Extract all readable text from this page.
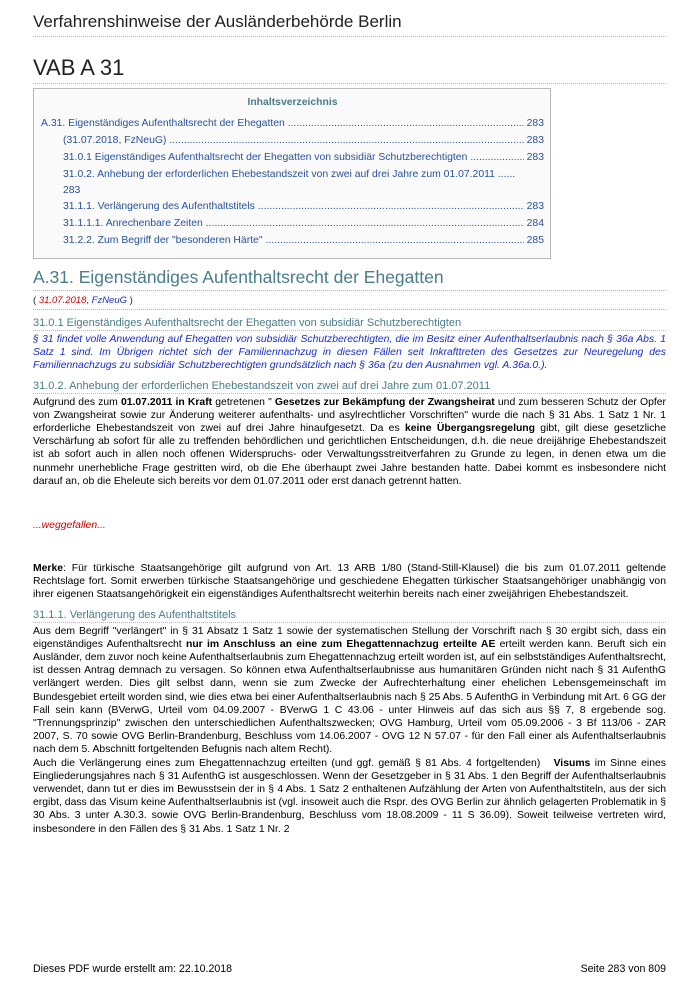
Verfahrenshinweise der Ausländerbehörde Berlin
VAB A 31
Inhaltsverzeichnis
A.31. Eigenständiges Aufenthaltsrecht der Ehegatten .....	283
(31.07.2018, FzNeuG) .....	283
31.0.1 Eigenständiges Aufenthaltsrecht der Ehegatten von subsidiär Schutzberechtigten .....	283
31.0.2. Anhebung der erforderlichen Ehebestandszeit von zwei auf drei Jahre zum 01.07.2011 ......
283
31.1.1. Verlängerung des Aufenthaltstitels .....	283
31.1.1.1. Anrechenbare Zeiten .....	284
31.2.2. Zum Begriff der "besonderen Härte" .....	285
A.31. Eigenständiges Aufenthaltsrecht der Ehegatten
( 31.07.2018, FzNeuG )
31.0.1 Eigenständiges Aufenthaltsrecht der Ehegatten von subsidiär Schutzberechtigten

§ 31 findet volle Anwendung auf Ehegatten von subsidiär Schutzberechtigten, die im Besitz einer Aufenthaltserlaubnis nach § 36a Abs. 1 Satz 1 sind. Im Übrigen richtet sich der Familiennachzug in diesen Fällen seit Inkrafttreten des Gesetzes zur Neuregelung des Familiennachzugs zu subsidiär Schutzberechtigten grundsätzlich nach § 36a (zu den Ausnahmen vgl. A.36a.0.).

31.0.2. Anhebung der erforderlichen Ehebestandszeit von zwei auf drei Jahre zum 01.07.2011

Aufgrund des zum 01.07.2011 in Kraft getretenen " Gesetzes zur Bekämpfung der Zwangsheirat und zum besseren Schutz der Opfer von Zwangsheirat sowie zur Änderung weiterer aufenthalts- und asylrechtlicher Vorschriften" wurde die nach § 31 Abs. 1 Satz 1 Nr. 1 erforderliche Ehebestandszeit von zwei auf drei Jahre hinaufgesetzt. Da es keine Übergangsregelung gibt, gilt diese gesetzliche Verschärfung ab sofort für alle zu treffenden behördlichen und gerichtlichen Entscheidungen, d.h. die neue dreijährige Ehebestandszeit ist ab sofort auch in allen noch offenen Widerspruchs- oder Verwaltungsstreitverfahren zu Grunde zu legen, in denen etwa um die nunmehr unerhebliche Frage gestritten wird, ob die Ehe überhaupt zwei Jahre bestanden hatte. Dabei kommt es insbesondere nicht darauf an, ob die Eheleute sich bereits vor dem 01.07.2011 oder erst danach getrennt hatten.

...weggefallen...

Merke: Für türkische Staatsangehörige gilt aufgrund von Art. 13 ARB 1/80 (Stand-Still-Klausel) die bis zum 01.07.2011 geltende Rechtslage fort. Somit erwerben türkische Staatsangehörige und geschiedene Ehegatten türkischer Staatsangehöriger unabhängig von ihrer eigenen Staatsangehörigkeit ein eigenständiges Aufenthaltsrecht weiterhin bereits nach einer zweijährigen Ehebestandszeit.

31.1.1. Verlängerung des Aufenthaltstitels

Aus dem Begriff "verlängert" in § 31 Absatz 1 Satz 1 sowie der systematischen Stellung der Vorschrift nach § 30 ergibt sich, dass ein eigenständiges Aufenthaltsrecht nur im Anschluss an eine zum Ehegattennachzug erteilte AE erteilt werden kann. Beruft sich ein Ausländer, dem zuvor noch keine Aufenthaltserlaubnis zum Ehegattennachzug erteilt worden ist, auf ein selbstständiges Aufenthaltsrecht, ist dessen Antrag demnach zu versagen. So können etwa Aufenthaltserlaubnisse aus humanitären Gründen nicht nach § 31 AufenthG verlängert werden. Dies gilt selbst dann, wenn sie zum Zwecke der Aufrechterhaltung einer ehelichen Lebensgemeinschaft im Bundesgebiet erteilt worden sind, wie dies etwa bei einer Aufenthaltserlaubnis nach § 25 Abs. 5 AufenthG in Verbindung mit Art. 6 GG der Fall sein kann (BVerwG, Urteil vom 04.09.2007 - BVerwG 1 C 43.06 - unter Hinweis auf das sich aus §§ 7, 8 ergebende sog. "Trennungsprinzip" zwischen den unterschiedlichen Aufenthaltszwecken; OVG Hamburg, Urteil vom 05.09.2006 - 3 Bf 113/06 - ZAR 2007, S. 70 sowie OVG Berlin-Brandenburg, Beschluss vom 14.06.2007 - OVG 12 N 57.07 - für den Fall einer als Aufenthaltserlaubnis nach dem 5. Abschnitt fortgeltenden Befugnis nach altem Recht).

Auch die Verlängerung eines zum Ehegattennachzug erteilten (und ggf. gemäß § 81 Abs. 4 fortgeltenden)   Visums im Sinne eines Eingliederungsjahres nach § 31 AufenthG ist ausgeschlossen. Wenn der Gesetzgeber in § 31 Abs. 1 den Begriff der Aufenthaltserlaubnis verwendet, dann tut er dies im Bewusstsein der in § 4 Abs. 1 Satz 2 enthaltenen Aufzählung der Arten von Aufenthaltstiteln, aus der sich ergibt, dass das Visum keine Aufenthaltserlaubnis ist (vgl. insoweit auch die Rspr. des OVG Berlin zur ähnlich gelagerten Problematik in § 30 Abs. 3 unter A.30.3. sowie OVG Berlin-Brandenburg, Beschluss vom 18.08.2009 - 11 S 36.09). Soweit teilweise vertreten wird, insbesondere in den Fällen des § 31 Abs. 1 Satz 1 Nr. 2

Dieses PDF wurde erstellt am: 22.10.2018	Seite 283 von 809
